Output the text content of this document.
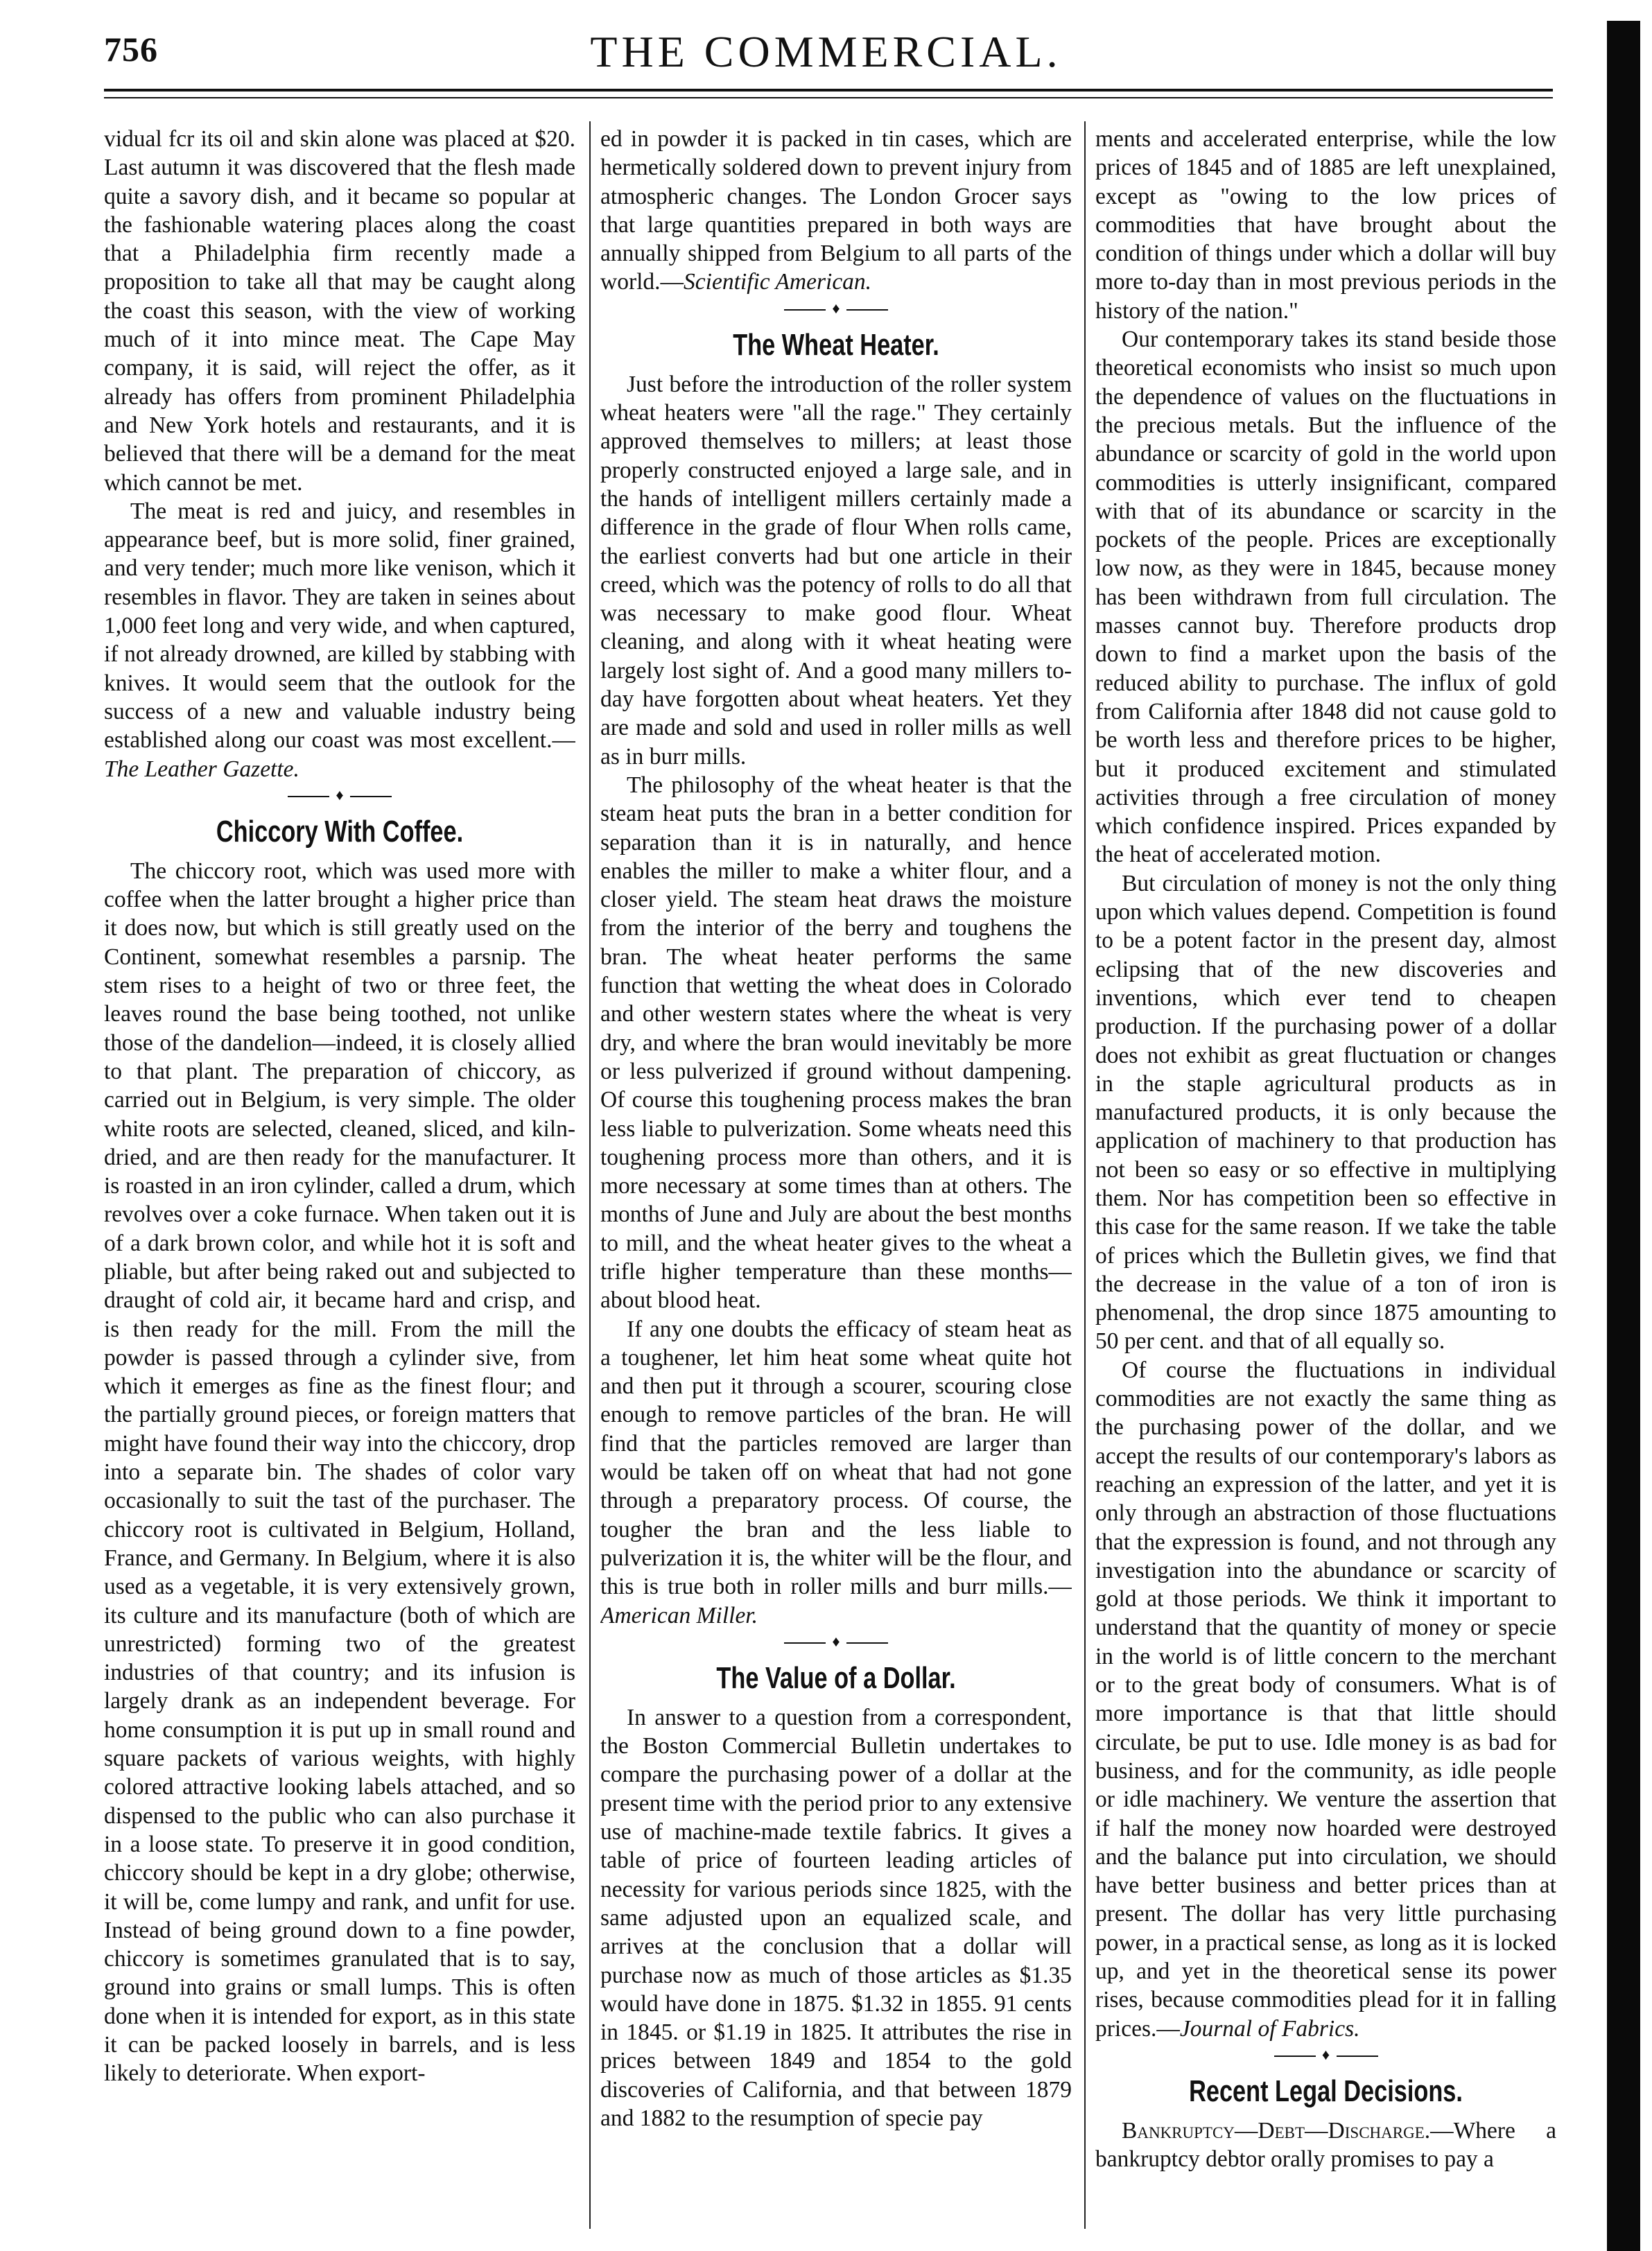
756	THE COMMERCIAL.

vidual fcr its oil and skin alone was placed at $20. Last autumn it was discovered that the flesh made quite a savory dish, and it became so popular at the fashionable watering places along the coast that a Philadelphia firm recently made a proposition to take all that may be caught along the coast this season, with the view of working much of it into mince meat. The Cape May company, it is said, will reject the offer, as it already has offers from prominent Philadelphia and New York hotels and restaurants, and it is believed that there will be a demand for the meat which cannot be met.

The meat is red and juicy, and resembles in appearance beef, but is more solid, finer grained, and very tender; much more like venison, which it resembles in flavor. They are taken in seines about 1,000 feet long and very wide, and when captured, if not already drowned, are killed by stabbing with knives. It would seem that the outlook for the success of a new and valuable industry being established along our coast was most excellent.—The Leather Gazette.

♦
Chiccory With Coffee.

The chiccory root, which was used more with coffee when the latter brought a higher price than it does now, but which is still greatly used on the Continent, somewhat resembles a parsnip. The stem rises to a height of two or three feet, the leaves round the base being toothed, not unlike those of the dandelion—indeed, it is closely allied to that plant. The preparation of chiccory, as carried out in Belgium, is very simple. The older white roots are selected, cleaned, sliced, and kiln-dried, and are then ready for the manufacturer. It is roasted in an iron cylinder, called a drum, which revolves over a coke furnace. When taken out it is of a dark brown color, and while hot it is soft and pliable, but after being raked out and subjected to draught of cold air, it became hard and crisp, and is then ready for the mill. From the mill the powder is passed through a cylinder sive, from which it emerges as fine as the finest flour; and the partially ground pieces, or foreign matters that might have found their way into the chiccory, drop into a separate bin. The shades of color vary occasionally to suit the tast of the purchaser. The chiccory root is cultivated in Belgium, Holland, France, and Germany. In Belgium, where it is also used as a vegetable, it is very extensively grown, its culture and its manufacture (both of which are unrestricted) forming two of the greatest industries of that country; and its infusion is largely drank as an independent beverage. For home consumption it is put up in small round and square packets of various weights, with highly colored attractive looking labels attached, and so dispensed to the public who can also purchase it in a loose state. To preserve it in good condition, chiccory should be kept in a dry globe; otherwise, it will be, come lumpy and rank, and unfit for use. Instead of being ground down to a fine powder, chiccory is sometimes granulated that is to say, ground into grains or small lumps. This is often done when it is intended for export, as in this state it can be packed loosely in barrels, and is less likely to deteriorate. When export-

ed in powder it is packed in tin cases, which are hermetically soldered down to prevent injury from atmospheric changes. The London Grocer says that large quantities prepared in both ways are annually shipped from Belgium to all parts of the world.—Scientific American.

♦
The Wheat Heater.

Just before the introduction of the roller system wheat heaters were "all the rage." They certainly approved themselves to millers; at least those properly constructed enjoyed a large sale, and in the hands of intelligent millers certainly made a difference in the grade of flour When rolls came, the earliest converts had but one article in their creed, which was the potency of rolls to do all that was necessary to make good flour. Wheat cleaning, and along with it wheat heating were largely lost sight of. And a good many millers to-day have forgotten about wheat heaters. Yet they are made and sold and used in roller mills as well as in burr mills.

The philosophy of the wheat heater is that the steam heat puts the bran in a better condition for separation than it is in naturally, and hence enables the miller to make a whiter flour, and a closer yield. The steam heat draws the moisture from the interior of the berry and toughens the bran. The wheat heater performs the same function that wetting the wheat does in Colorado and other western states where the wheat is very dry, and where the bran would inevitably be more or less pulverized if ground without dampening. Of course this toughening process makes the bran less liable to pulverization. Some wheats need this toughening process more than others, and it is more necessary at some times than at others. The months of June and July are about the best months to mill, and the wheat heater gives to the wheat a trifle higher temperature than these months—about blood heat.

If any one doubts the efficacy of steam heat as a toughener, let him heat some wheat quite hot and then put it through a scourer, scouring close enough to remove particles of the bran. He will find that the particles removed are larger than would be taken off on wheat that had not gone through a preparatory process. Of course, the tougher the bran and the less liable to pulverization it is, the whiter will be the flour, and this is true both in roller mills and burr mills.—American Miller.

♦
The Value of a Dollar.

In answer to a question from a correspondent, the Boston Commercial Bulletin undertakes to compare the purchasing power of a dollar at the present time with the period prior to any extensive use of machine-made textile fabrics. It gives a table of price of fourteen leading articles of necessity for various periods since 1825, with the same adjusted upon an equalized scale, and arrives at the conclusion that a dollar will purchase now as much of those articles as $1.35 would have done in 1875. $1.32 in 1855. 91 cents in 1845. or $1.19 in 1825. It attributes the rise in prices between 1849 and 1854 to the gold discoveries of California, and that between 1879 and 1882 to the resumption of specie pay

ments and accelerated enterprise, while the low prices of 1845 and of 1885 are left unexplained, except as "owing to the low prices of commodities that have brought about the condition of things under which a dollar will buy more to-day than in most previous periods in the history of the nation."

Our contemporary takes its stand beside those theoretical economists who insist so much upon the dependence of values on the fluctuations in the precious metals. But the influence of the abundance or scarcity of gold in the world upon commodities is utterly insignificant, compared with that of its abundance or scarcity in the pockets of the people. Prices are exceptionally low now, as they were in 1845, because money has been withdrawn from full circulation. The masses cannot buy. Therefore products drop down to find a market upon the basis of the reduced ability to purchase. The influx of gold from California after 1848 did not cause gold to be worth less and therefore prices to be higher, but it produced excitement and stimulated activities through a free circulation of money which confidence inspired. Prices expanded by the heat of accelerated motion.

But circulation of money is not the only thing upon which values depend. Competition is found to be a potent factor in the present day, almost eclipsing that of the new discoveries and inventions, which ever tend to cheapen production. If the purchasing power of a dollar does not exhibit as great fluctuation or changes in the staple agricultural products as in manufactured products, it is only because the application of machinery to that production has not been so easy or so effective in multiplying them. Nor has competition been so effective in this case for the same reason. If we take the table of prices which the Bulletin gives, we find that the decrease in the value of a ton of iron is phenomenal, the drop since 1875 amounting to 50 per cent. and that of all equally so.

Of course the fluctuations in individual commodities are not exactly the same thing as the purchasing power of the dollar, and we accept the results of our contemporary's labors as reaching an expression of the latter, and yet it is only through an abstraction of those fluctuations that the expression is found, and not through any investigation into the abundance or scarcity of gold at those periods. We think it important to understand that the quantity of money or specie in the world is of little concern to the merchant or to the great body of consumers. What is of more importance is that that little should circulate, be put to use. Idle money is as bad for business, and for the community, as idle people or idle machinery. We venture the assertion that if half the money now hoarded were destroyed and the balance put into circulation, we should have better business and better prices than at present. The dollar has very little purchasing power, in a practical sense, as long as it is locked up, and yet in the theoretical sense its power rises, because commodities plead for it in falling prices.—Journal of Fabrics.

♦
Recent Legal Decisions.

Bankruptcy—Debt—Discharge.—Where a bankruptcy debtor orally promises to pay a
